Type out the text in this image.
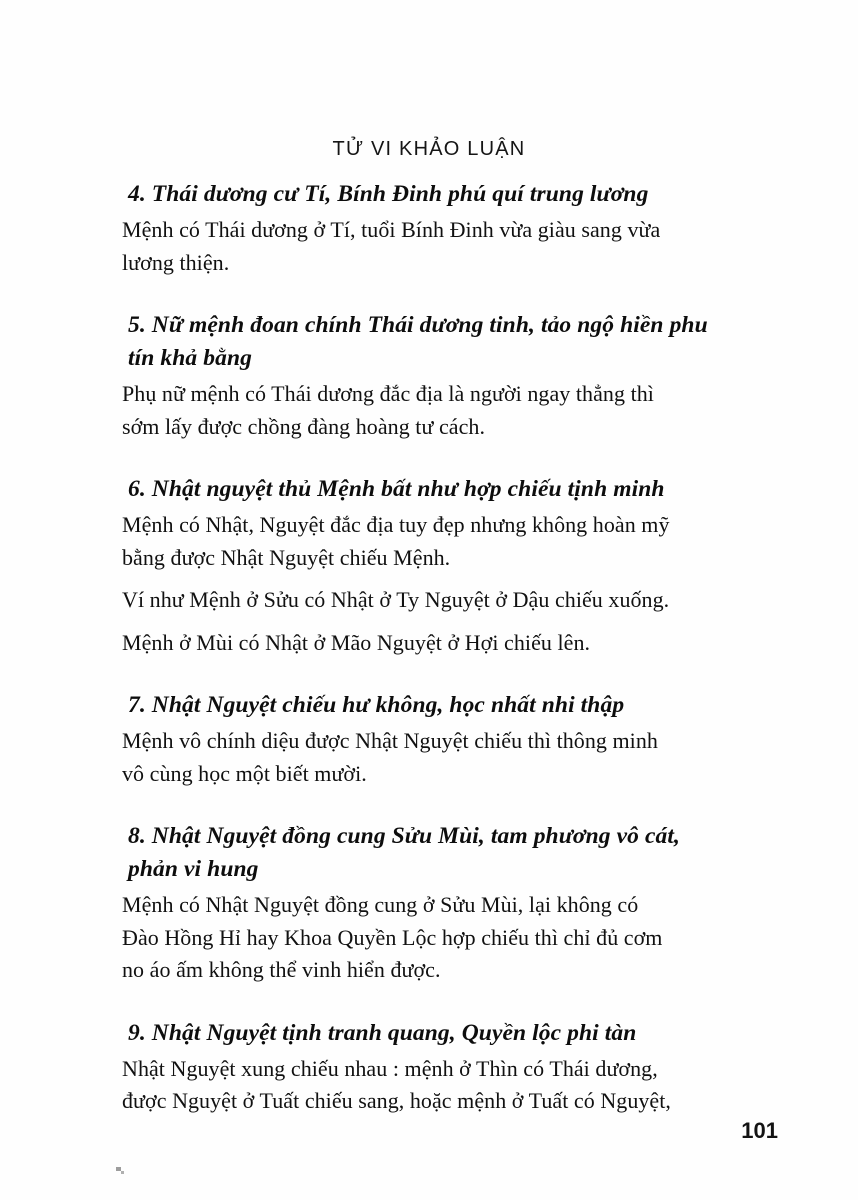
TỬ VI KHẢO LUẬN
4. Thái dương cư Tí, Bính Đinh phú quí trung lương
Mệnh có Thái dương ở Tí, tuổi Bính Đinh vừa giàu sang vừa
lương thiện.
5. Nữ mệnh đoan chính Thái dương tinh, tảo ngộ hiền phu
tín khả bằng
Phụ nữ mệnh có Thái dương đắc địa là người ngay thẳng thì
sớm lấy được chồng đàng hoàng tư cách.
6. Nhật nguyệt thủ Mệnh bất như hợp chiếu tịnh minh
Mệnh có Nhật, Nguyệt đắc địa tuy đẹp nhưng không hoàn mỹ
bằng được Nhật Nguyệt chiếu Mệnh.
Ví như Mệnh ở Sửu có Nhật ở Ty Nguyệt ở Dậu chiếu xuống.
Mệnh ở Mùi có Nhật ở Mão Nguyệt ở Hợi chiếu lên.
7. Nhật Nguyệt chiếu hư không, học nhất nhi thập
Mệnh vô chính diệu được Nhật Nguyệt chiếu thì thông minh
vô cùng học một biết mười.
8. Nhật Nguyệt đồng cung Sửu Mùi, tam phương vô cát,
phản vi hung
Mệnh có Nhật Nguyệt đồng cung ở Sửu Mùi, lại không có
Đào Hồng Hỉ hay Khoa Quyền Lộc hợp chiếu thì chỉ đủ cơm
no áo ấm không thể vinh hiển được.
9. Nhật Nguyệt tịnh tranh quang, Quyền lộc phi tàn
Nhật Nguyệt xung chiếu nhau : mệnh ở Thìn có Thái dương,
được Nguyệt ở Tuất chiếu sang, hoặc mệnh ở Tuất có Nguyệt,
101
